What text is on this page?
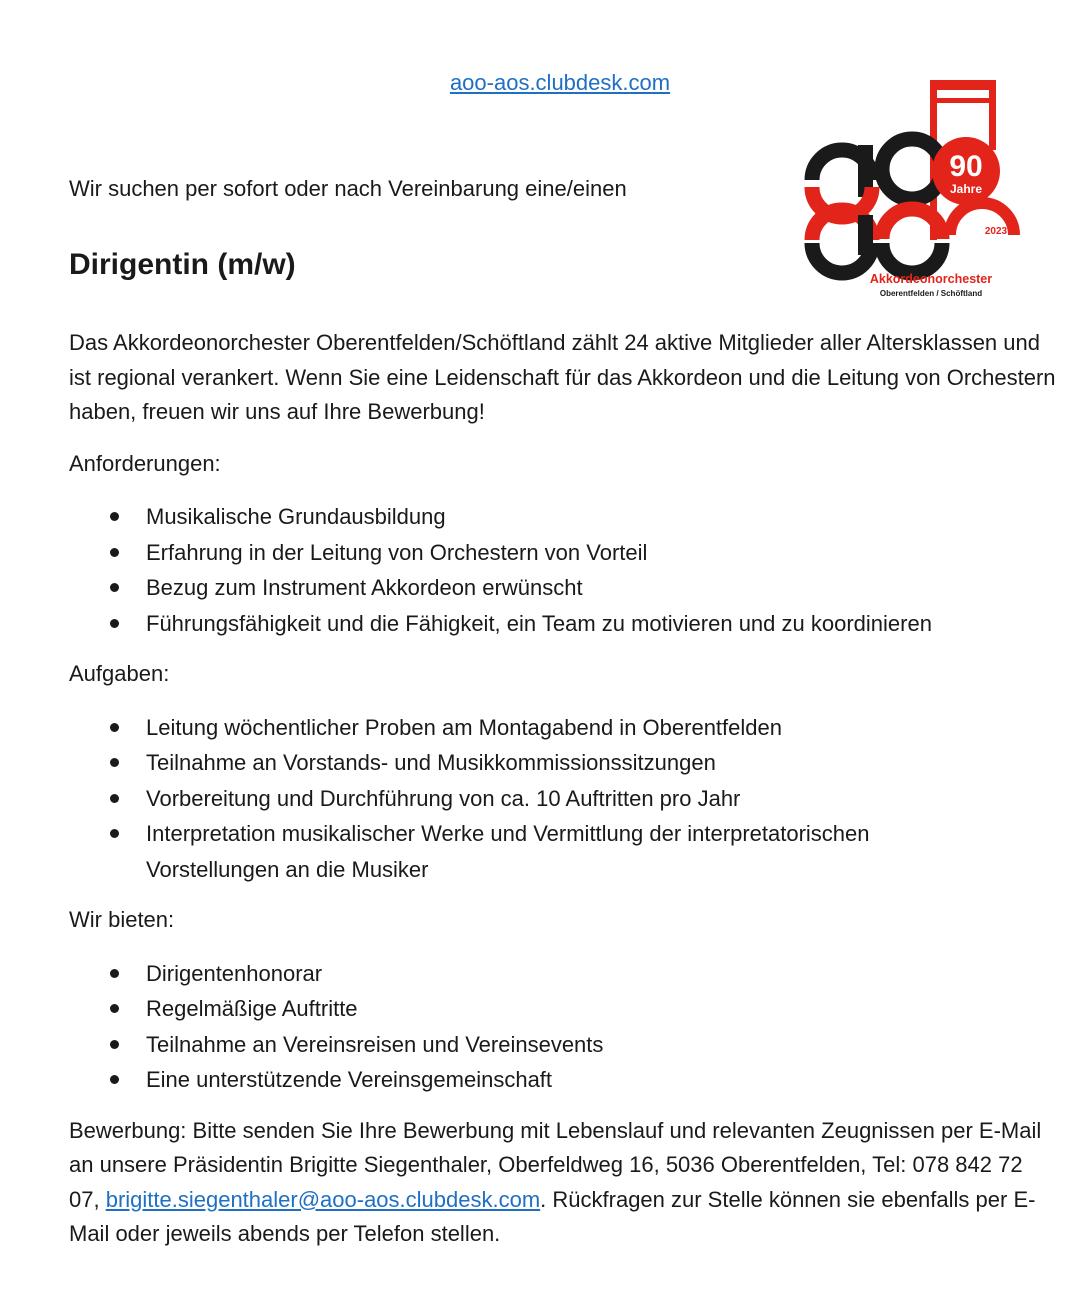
aoo-aos.clubdesk.com
Wir suchen per sofort oder nach Vereinbarung eine/einen
Dirigentin (m/w)
90
Jahre
2023
Akkordeonorchester
Oberentfelden / Schöftland

Das Akkordeonorchester Oberentfelden/Schöftland zählt 24 aktive Mitglieder aller Altersklassen und ist regional verankert. Wenn Sie eine Leidenschaft für das Akkordeon und die Leitung von Orchestern haben, freuen wir uns auf Ihre Bewerbung!

Anforderungen:

Musikalische Grundausbildung
Erfahrung in der Leitung von Orchestern von Vorteil
Bezug zum Instrument Akkordeon erwünscht
Führungsfähigkeit und die Fähigkeit, ein Team zu motivieren und zu koordinieren

Aufgaben:

Leitung wöchentlicher Proben am Montagabend in Oberentfelden
Teilnahme an Vorstands- und Musikkommissionssitzungen
Vorbereitung und Durchführung von ca. 10 Auftritten pro Jahr
Interpretation musikalischer Werke und Vermittlung der interpretatorischen Vorstellungen an die Musiker

Wir bieten:

Dirigentenhonorar
Regelmäßige Auftritte
Teilnahme an Vereinsreisen und Vereinsevents
Eine unterstützende Vereinsgemeinschaft

Bewerbung: Bitte senden Sie Ihre Bewerbung mit Lebenslauf und relevanten Zeugnissen per E-Mail an unsere Präsidentin Brigitte Siegenthaler, Oberfeldweg 16, 5036 Oberentfelden, Tel: 078 842 72 07, brigitte.siegenthaler@aoo-aos.clubdesk.com. Rückfragen zur Stelle können sie ebenfalls per E-Mail oder jeweils abends per Telefon stellen.
